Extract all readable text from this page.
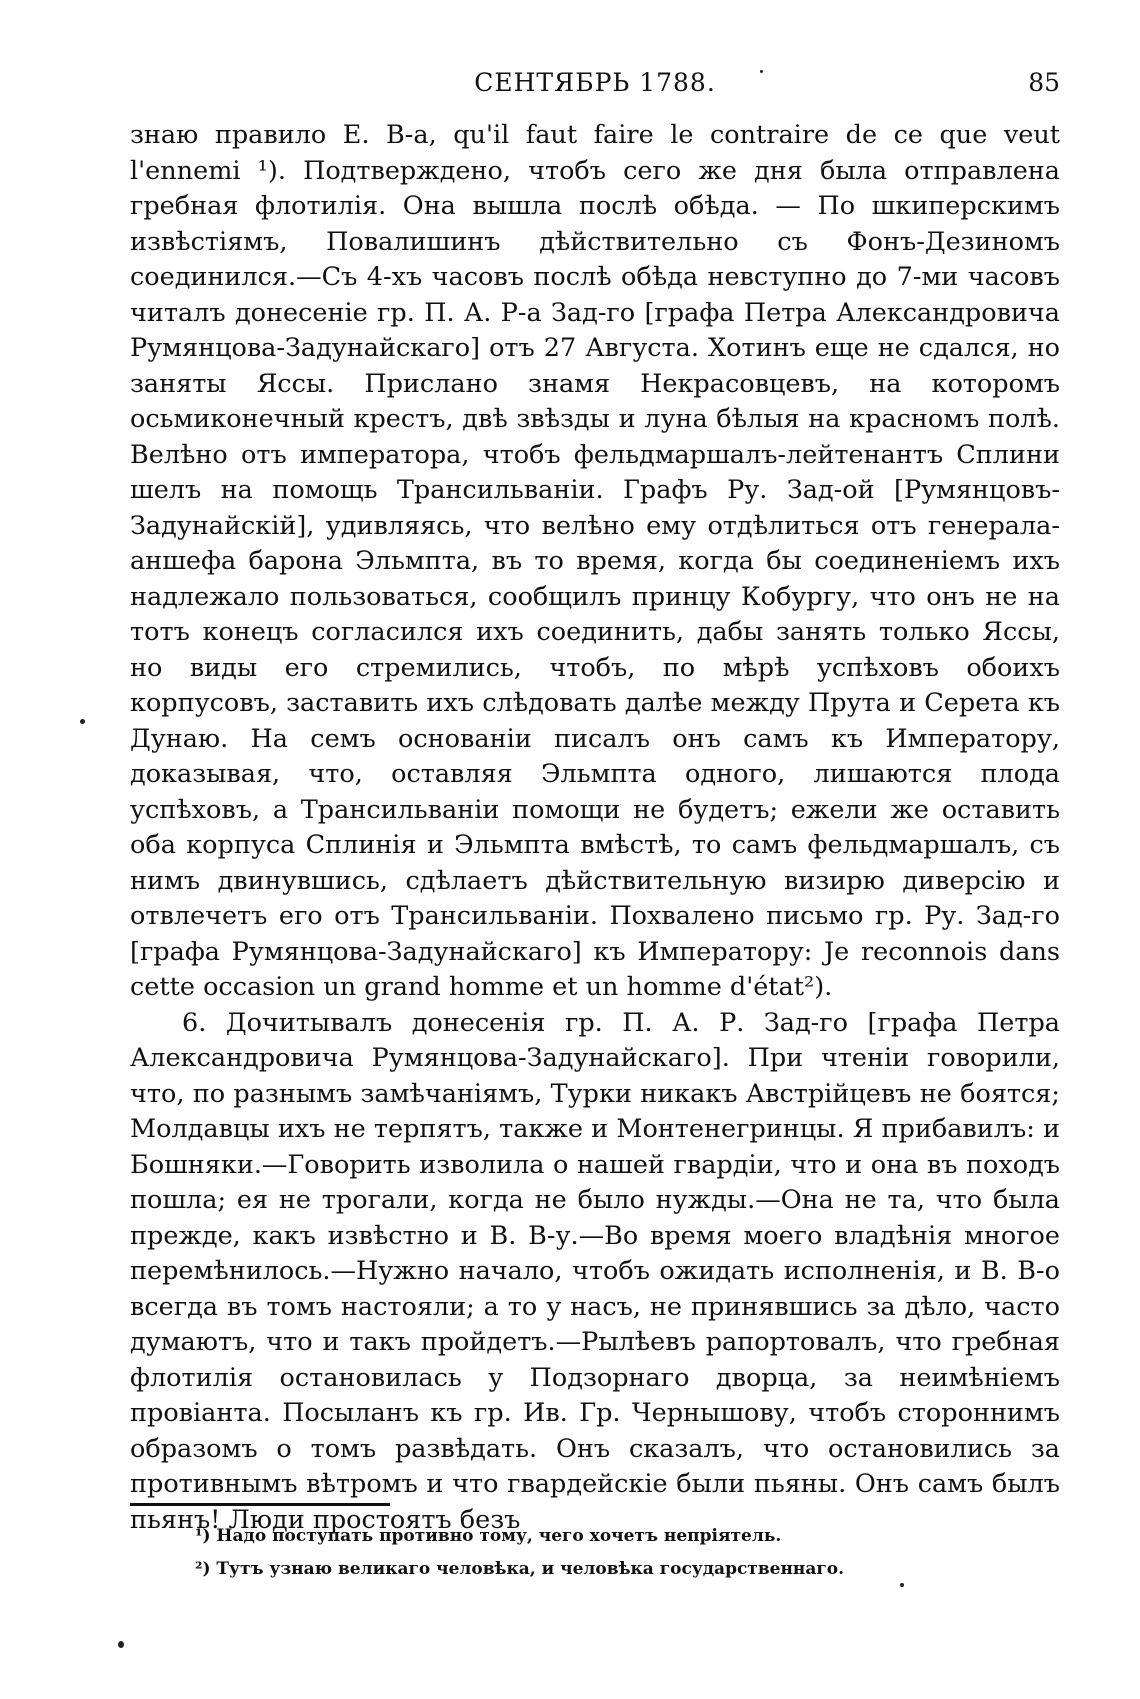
СЕНТЯБРЬ 1788.	85

знаю правило Е. В-а, qu'il faut faire le contraire de ce que veut l'ennemi ¹). Подтверждено, чтобъ сего же дня была отправлена гребная флотилія. Она вышла послѣ обѣда. — По шкиперскимъ извѣстіямъ, Повалишинъ дѣйствительно съ Фонъ-Дезиномъ соединился.—Съ 4-хъ часовъ послѣ обѣда невступно до 7-ми часовъ читалъ донесеніе гр. П. А. Р-а Зад-го [графа Петра Александровича Румянцова-Задунайскаго] отъ 27 Августа. Хотинъ еще не сдался, но заняты Яссы. Прислано знамя Некрасовцевъ, на которомъ осьмиконечный крестъ, двѣ звѣзды и луна бѣлыя на красномъ полѣ. Велѣно отъ императора, чтобъ фельдмаршалъ-лейтенантъ Сплини шелъ на помощь Трансильваніи. Графъ Ру. Зад-ой [Румянцовъ-Задунайскій], удивляясь, что велѣно ему отдѣлиться отъ генерала-аншефа барона Эльмпта, въ то время, когда бы соединеніемъ ихъ надлежало пользоваться, сообщилъ принцу Кобургу, что онъ не на тотъ конецъ согласился ихъ соединить, дабы занять только Яссы, но виды его стремились, чтобъ, по мѣрѣ успѣховъ обоихъ корпусовъ, заставить ихъ слѣдовать далѣе между Прута и Серета къ Дунаю. На семъ основаніи писалъ онъ самъ къ Императору, доказывая, что, оставляя Эльмпта одного, лишаются плода успѣховъ, а Трансильваніи помощи не будетъ; ежели же оставить оба корпуса Сплинія и Эльмпта вмѣстѣ, то самъ фельдмаршалъ, съ нимъ двинувшись, сдѣлаетъ дѣйствительную визирю диверсію и отвлечетъ его отъ Трансильваніи. Похвалено письмо гр. Ру. Зад-го [графа Румянцова-Задунайскаго] къ Императору: Je reconnois dans cette occasion un grand homme et un homme d'état²).

6. Дочитывалъ донесенія гр. П. А. Р. Зад-го [графа Петра Александровича Румянцова-Задунайскаго]. При чтеніи говорили, что, по разнымъ замѣчаніямъ, Турки никакъ Австрійцевъ не боятся; Молдавцы ихъ не терпятъ, также и Монтенегринцы. Я прибавилъ: и Бошняки.—Говорить изволила о нашей гвардіи, что и она въ походъ пошла; ея не трогали, когда не было нужды.—Она не та, что была прежде, какъ извѣстно и В. В-у.—Во время моего владѣнія многое перемѣнилось.—Нужно начало, чтобъ ожидать исполненія, и В. В-о всегда въ томъ настояли; а то у насъ, не принявшись за дѣло, часто думаютъ, что и такъ пройдетъ.—Рылѣевъ рапортовалъ, что гребная флотилія остановилась у Подзорнаго дворца, за неимѣніемъ провіанта. Посыланъ къ гр. Ив. Гр. Чернышову, чтобъ стороннимъ образомъ о томъ развѣдать. Онъ сказалъ, что остановились за противнымъ вѣтромъ и что гвардейскіе были пьяны. Онъ самъ былъ пьянъ! Люди простоятъ безъ

¹) Надо поступать противно тому, чего хочетъ непріятель.

²) Тутъ узнаю великаго человѣка, и человѣка государственнаго.
